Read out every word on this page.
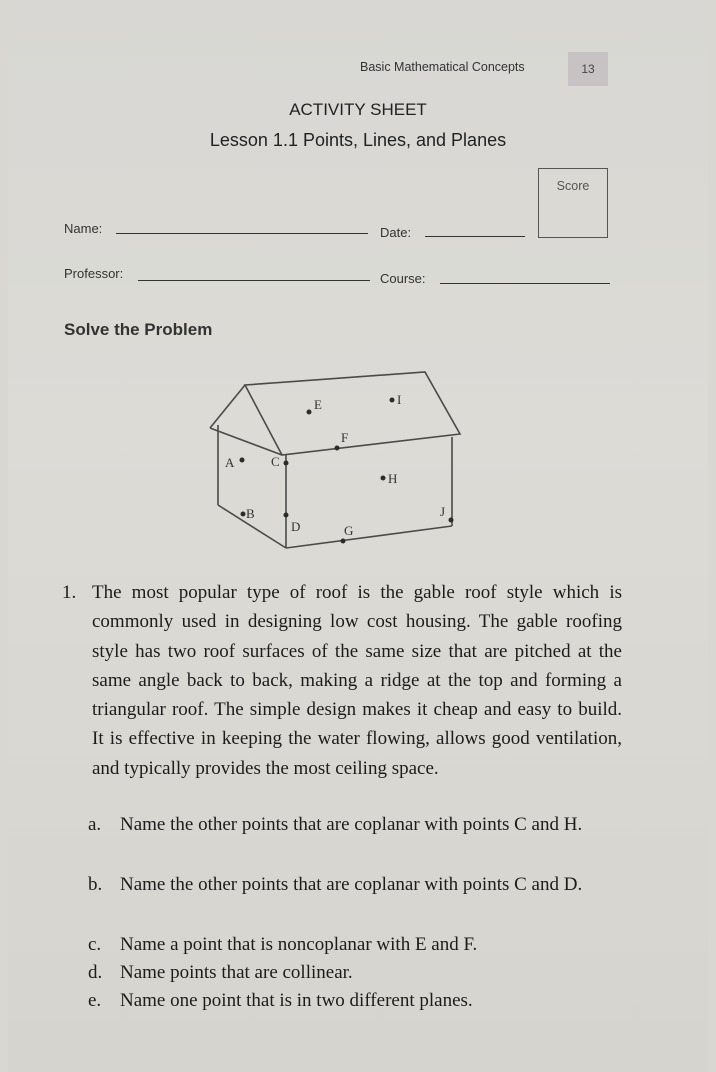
Basic Mathematical Concepts	13
ACTIVITY SHEET
Lesson 1.1 Points, Lines, and Planes
Score
Name:	Date:
Professor:	Course:
Solve the Problem
E	I
F
A	C
H
B
D	G
J
1. The most popular type of roof is the gable roof style which is commonly used in designing low cost housing. The gable roofing style has two roof surfaces of the same size that are pitched at the same angle back to back, making a ridge at the top and forming a triangular roof. The simple design makes it cheap and easy to build. It is effective in keeping the water flowing, allows good ventilation, and typically provides the most ceiling space.
a. Name the other points that are coplanar with points C and H.
b. Name the other points that are coplanar with points C and D.
c. Name a point that is noncoplanar with E and F.
d. Name points that are collinear.
e. Name one point that is in two different planes.
